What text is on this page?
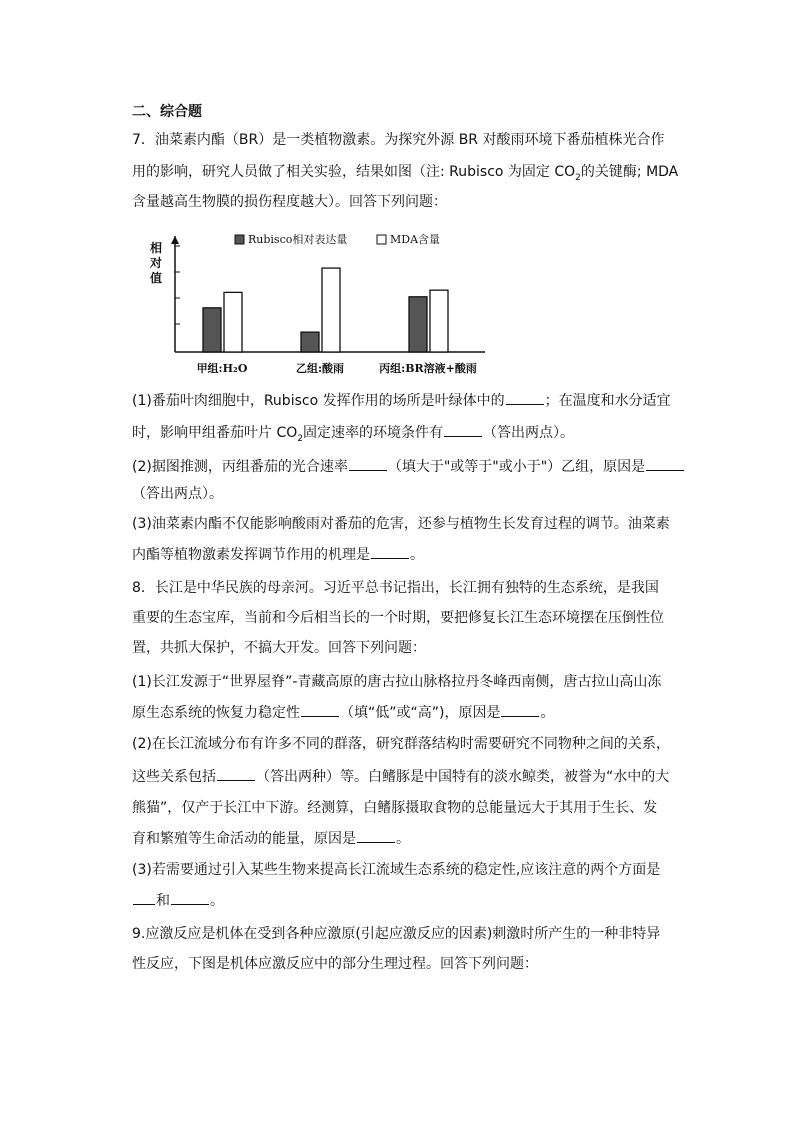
二、综合题
7．油菜素内酯（BR）是一类植物激素。为探究外源 BR 对酸雨环境下番茄植株光合作
用的影响，研究人员做了相关实验，结果如图（注: Rubisco 为固定 $CO_2$的关键酶; MDA
含量越高生物膜的损伤程度越大）。回答下列问题：
相
对
值
Rubisco相对表达量	MDA含量
甲组:H₂O	乙组:酸雨	丙组:BR溶液+酸雨
(1)番茄叶肉细胞中，Rubisco 发挥作用的场所是叶绿体中的	；在温度和水分适宜
时，影响甲组番茄叶片 $CO_2$固定速率的环境条件有	（答出两点）。
(2)据图推测，丙组番茄的光合速率	（填大于"或等于"或小于"）乙组，原因是
（答出两点）。
(3)油菜素内酯不仅能影响酸雨对番茄的危害，还参与植物生长发育过程的调节。油菜素
内酯等植物激素发挥调节作用的机理是	。
8．长江是中华民族的母亲河。习近平总书记指出，长江拥有独特的生态系统，是我国
重要的生态宝库，当前和今后相当长的一个时期，要把修复长江生态环境摆在压倒性位
置，共抓大保护，不搞大开发。回答下列问题：
(1)长江发源于“世界屋脊”-青藏高原的唐古拉山脉格拉丹冬峰西南侧，唐古拉山高山冻
原生态系统的恢复力稳定性	（填“低”或“高”)，原因是	。
(2)在长江流域分布有许多不同的群落，研究群落结构时需要研究不同物种之间的关系，
这些关系包括	（答出两种）等。白鳍豚是中国特有的淡水鲸类，被誉为“水中的大
熊猫”，仅产于长江中下游。经测算，白鳍豚摄取食物的总能量远大于其用于生长、发
育和繁殖等生命活动的能量，原因是	。
(3)若需要通过引入某些生物来提高长江流域生态系统的稳定性,应该注意的两个方面是
和	。
9.应激反应是机体在受到各种应激原(引起应激反应的因素)刺激时所产生的一种非特异
性反应，下图是机体应激反应中的部分生理过程。回答下列问题：
